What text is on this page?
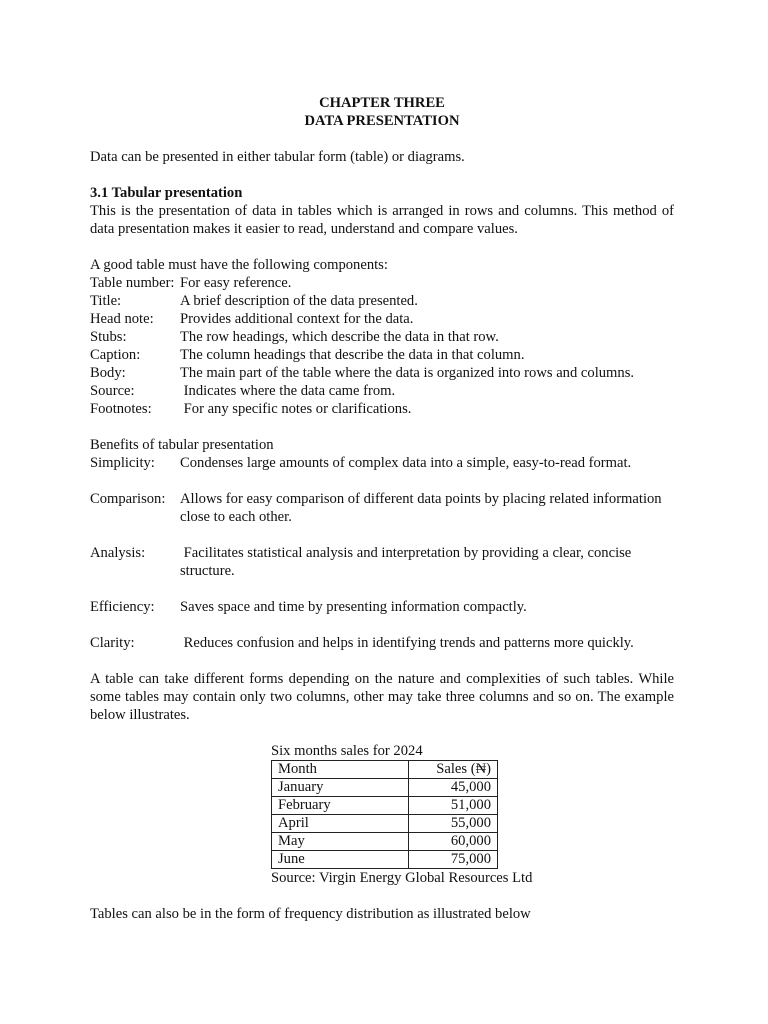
CHAPTER THREE
DATA PRESENTATION

Data can be presented in either tabular form (table) or diagrams.

3.1 Tabular presentation

This is the presentation of data in tables which is arranged in rows and columns. This method of data presentation makes it easier to read, understand and compare values.

A good table must have the following components:
Table number: For easy reference.
Title:	A brief description of the data presented.
Head note:	Provides additional context for the data.
Stubs:	The row headings, which describe the data in that row.
Caption:	The column headings that describe the data in that column.
Body:	The main part of the table where the data is organized into rows and columns.
Source:	Indicates where the data came from.
Footnotes:	For any specific notes or clarifications.
Benefits of tabular presentation
Simplicity:	Condenses large amounts of complex data into a simple, easy-to-read format.
Comparison: Allows for easy comparison of different data points by placing related information close to each other.
Analysis:	Facilitates statistical analysis and interpretation by providing a clear, concise structure.
Efficiency:	Saves space and time by presenting information compactly.
Clarity:	Reduces confusion and helps in identifying trends and patterns more quickly.

A table can take different forms depending on the nature and complexities of such tables. While some tables may contain only two columns, other may take three columns and so on. The example below illustrates.

Six months sales for 2024
Month	Sales (₦)
January	45,000
February	51,000
April	55,000
May	60,000
June	75,000
Source: Virgin Energy Global Resources Ltd
Tables can also be in the form of frequency distribution as illustrated below
